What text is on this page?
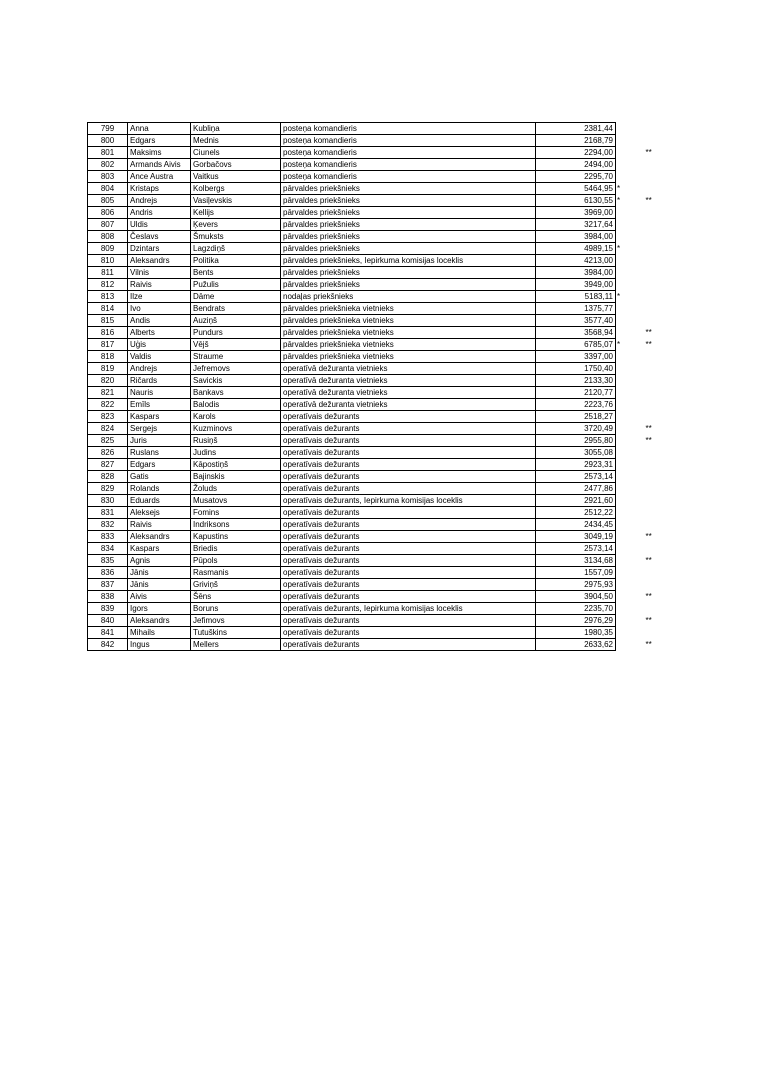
799	Anna	Kubliņa	posteņa komandieris	2381,44		
800	Edgars	Mednis	posteņa komandieris	2168,79		
801	Maksims	Ciunels	posteņa komandieris	2294,00		**
802	Armands Aivis	Gorbačovs	posteņa komandieris	2494,00		
803	Ance Austra	Vaitkus	posteņa komandieris	2295,70		
804	Kristaps	Kolbergs	pārvaldes priekšnieks	5464,95	*	
805	Andrejs	Vasiļevskis	pārvaldes priekšnieks	6130,55	*	**
806	Andris	Kellijs	pārvaldes priekšnieks	3969,00		
807	Uldis	Ķevers	pārvaldes priekšnieks	3217,64		
808	Česlavs	Šmuksts	pārvaldes priekšnieks	3984,00		
809	Dzintars	Lagzdiņš	pārvaldes priekšnieks	4989,15	*	
810	Aleksandrs	Politika	pārvaldes priekšnieks, Iepirkuma komisijas loceklis	4213,00		
811	Vilnis	Bents	pārvaldes priekšnieks	3984,00		
812	Raivis	Pužulis	pārvaldes priekšnieks	3949,00		
813	Ilze	Dāme	nodaļas priekšnieks	5183,11	*	
814	Ivo	Bendrats	pārvaldes priekšnieka vietnieks	1375,77		
815	Andis	Auziņš	pārvaldes priekšnieka vietnieks	3577,40		
816	Alberts	Pundurs	pārvaldes priekšnieka vietnieks	3568,94		**
817	Uģis	Vējš	pārvaldes priekšnieka vietnieks	6785,07	*	**
818	Valdis	Straume	pārvaldes priekšnieka vietnieks	3397,00		
819	Andrejs	Jefremovs	operatīvā dežuranta vietnieks	1750,40		
820	Ričards	Savickis	operatīvā dežuranta vietnieks	2133,30		
821	Nauris	Bankavs	operatīvā dežuranta vietnieks	2120,77		
822	Emīls	Balodis	operatīvā dežuranta vietnieks	2223,76		
823	Kaspars	Karols	operatīvais dežurants	2518,27		
824	Sergejs	Kuzminovs	operatīvais dežurants	3720,49		**
825	Juris	Rusiņš	operatīvais dežurants	2955,80		**
826	Ruslans	Judins	operatīvais dežurants	3055,08		
827	Edgars	Kāpostiņš	operatīvais dežurants	2923,31		
828	Gatis	Bajinskis	operatīvais dežurants	2573,14		
829	Rolands	Žoluds	operatīvais dežurants	2477,86		
830	Eduards	Musatovs	operatīvais dežurants, Iepirkuma komisijas loceklis	2921,60		
831	Aleksejs	Fomins	operatīvais dežurants	2512,22		
832	Raivis	Indriksons	operatīvais dežurants	2434,45		
833	Aleksandrs	Kapustins	operatīvais dežurants	3049,19		**
834	Kaspars	Briedis	operatīvais dežurants	2573,14		
835	Agnis	Pūpols	operatīvais dežurants	3134,68		**
836	Jānis	Rasmanis	operatīvais dežurants	1557,09		
837	Jānis	Griviņš	operatīvais dežurants	2975,93		
838	Aivis	Šēns	operatīvais dežurants	3904,50		**
839	Igors	Boruns	operatīvais dežurants, Iepirkuma komisijas loceklis	2235,70		
840	Aleksandrs	Jefimovs	operatīvais dežurants	2976,29		**
841	Mihails	Tutuškins	operatīvais dežurants	1980,35		
842	Ingus	Mellers	operatīvais dežurants	2633,62		**
